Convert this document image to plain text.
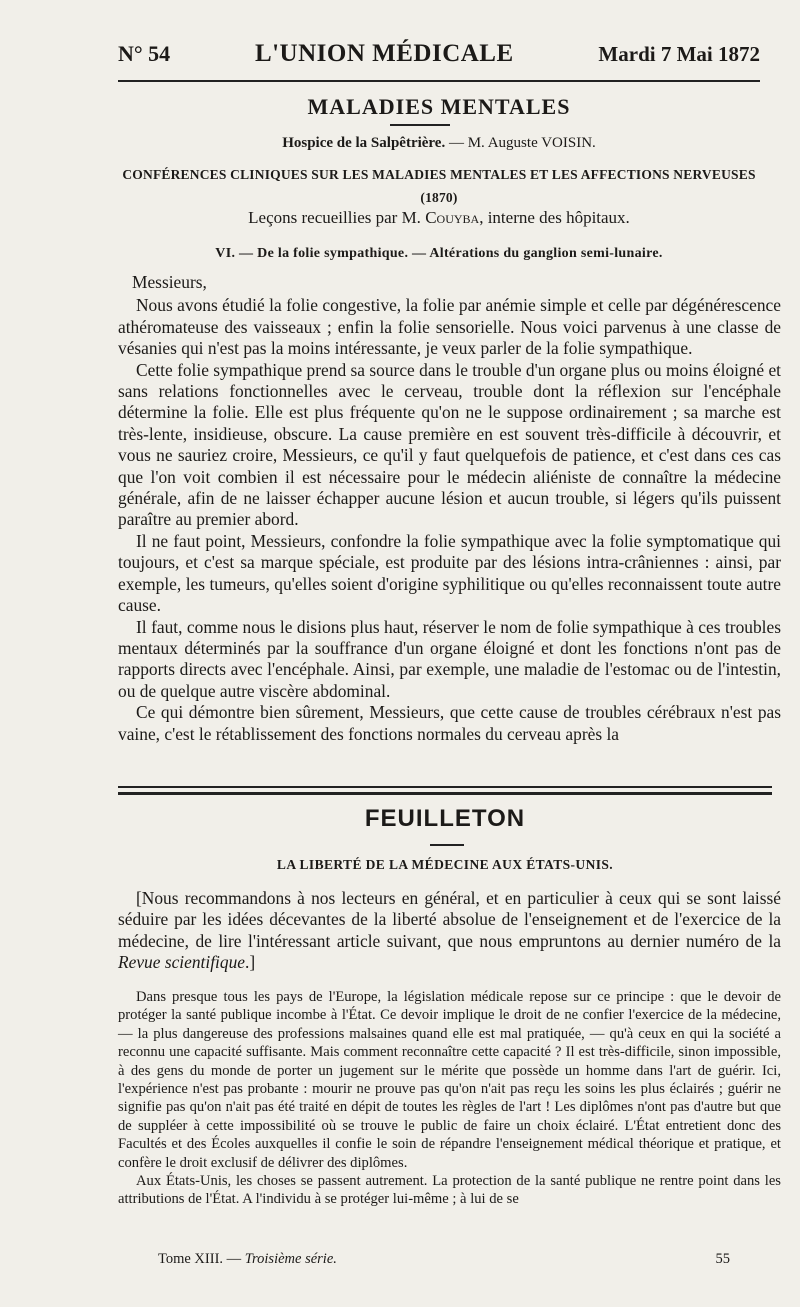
N° 54	L'UNION MÉDICALE	Mardi 7 Mai 1872
MALADIES MENTALES
Hospice de la Salpêtrière. — M. Auguste VOISIN.
CONFÉRENCES CLINIQUES SUR LES MALADIES MENTALES ET LES AFFECTIONS NERVEUSES
(1870)
Leçons recueillies par M. Couyba, interne des hôpitaux.
VI. — De la folie sympathique. — Altérations du ganglion semi-lunaire.

Messieurs,

Nous avons étudié la folie congestive, la folie par anémie simple et celle par dégénérescence athéromateuse des vaisseaux ; enfin la folie sensorielle. Nous voici parvenus à une classe de vésanies qui n'est pas la moins intéressante, je veux parler de la folie sympathique.

Cette folie sympathique prend sa source dans le trouble d'un organe plus ou moins éloigné et sans relations fonctionnelles avec le cerveau, trouble dont la réflexion sur l'encéphale détermine la folie. Elle est plus fréquente qu'on ne le suppose ordinairement ; sa marche est très-lente, insidieuse, obscure. La cause première en est souvent très-difficile à découvrir, et vous ne sauriez croire, Messieurs, ce qu'il y faut quelquefois de patience, et c'est dans ces cas que l'on voit combien il est nécessaire pour le médecin aliéniste de connaître la médecine générale, afin de ne laisser échapper aucune lésion et aucun trouble, si légers qu'ils puissent paraître au premier abord.

Il ne faut point, Messieurs, confondre la folie sympathique avec la folie symptomatique qui toujours, et c'est sa marque spéciale, est produite par des lésions intra-crâniennes : ainsi, par exemple, les tumeurs, qu'elles soient d'origine syphilitique ou qu'elles reconnaissent toute autre cause.

Il faut, comme nous le disions plus haut, réserver le nom de folie sympathique à ces troubles mentaux déterminés par la souffrance d'un organe éloigné et dont les fonctions n'ont pas de rapports directs avec l'encéphale. Ainsi, par exemple, une maladie de l'estomac ou de l'intestin, ou de quelque autre viscère abdominal.

Ce qui démontre bien sûrement, Messieurs, que cette cause de troubles cérébraux n'est pas vaine, c'est le rétablissement des fonctions normales du cerveau après la

FEUILLETON
LA LIBERTÉ DE LA MÉDECINE AUX ÉTATS-UNIS.

[Nous recommandons à nos lecteurs en général, et en particulier à ceux qui se sont laissé séduire par les idées décevantes de la liberté absolue de l'enseignement et de l'exercice de la médecine, de lire l'intéressant article suivant, que nous empruntons au dernier numéro de la Revue scientifique.]

Dans presque tous les pays de l'Europe, la législation médicale repose sur ce principe : que le devoir de protéger la santé publique incombe à l'État. Ce devoir implique le droit de ne confier l'exercice de la médecine, — la plus dangereuse des professions malsaines quand elle est mal pratiquée, — qu'à ceux en qui la société a reconnu une capacité suffisante. Mais comment reconnaître cette capacité ? Il est très-difficile, sinon impossible, à des gens du monde de porter un jugement sur le mérite que possède un homme dans l'art de guérir. Ici, l'expérience n'est pas probante : mourir ne prouve pas qu'on n'ait pas reçu les soins les plus éclairés ; guérir ne signifie pas qu'on n'ait pas été traité en dépit de toutes les règles de l'art ! Les diplômes n'ont pas d'autre but que de suppléer à cette impossibilité où se trouve le public de faire un choix éclairé. L'État entretient donc des Facultés et des Écoles auxquelles il confie le soin de répandre l'enseignement médical théorique et pratique, et confère le droit exclusif de délivrer des diplômes.

Aux États-Unis, les choses se passent autrement. La protection de la santé publique ne rentre point dans les attributions de l'État. A l'individu à se protéger lui-même ; à lui de se

Tome XIII. — Troisième série.	55
